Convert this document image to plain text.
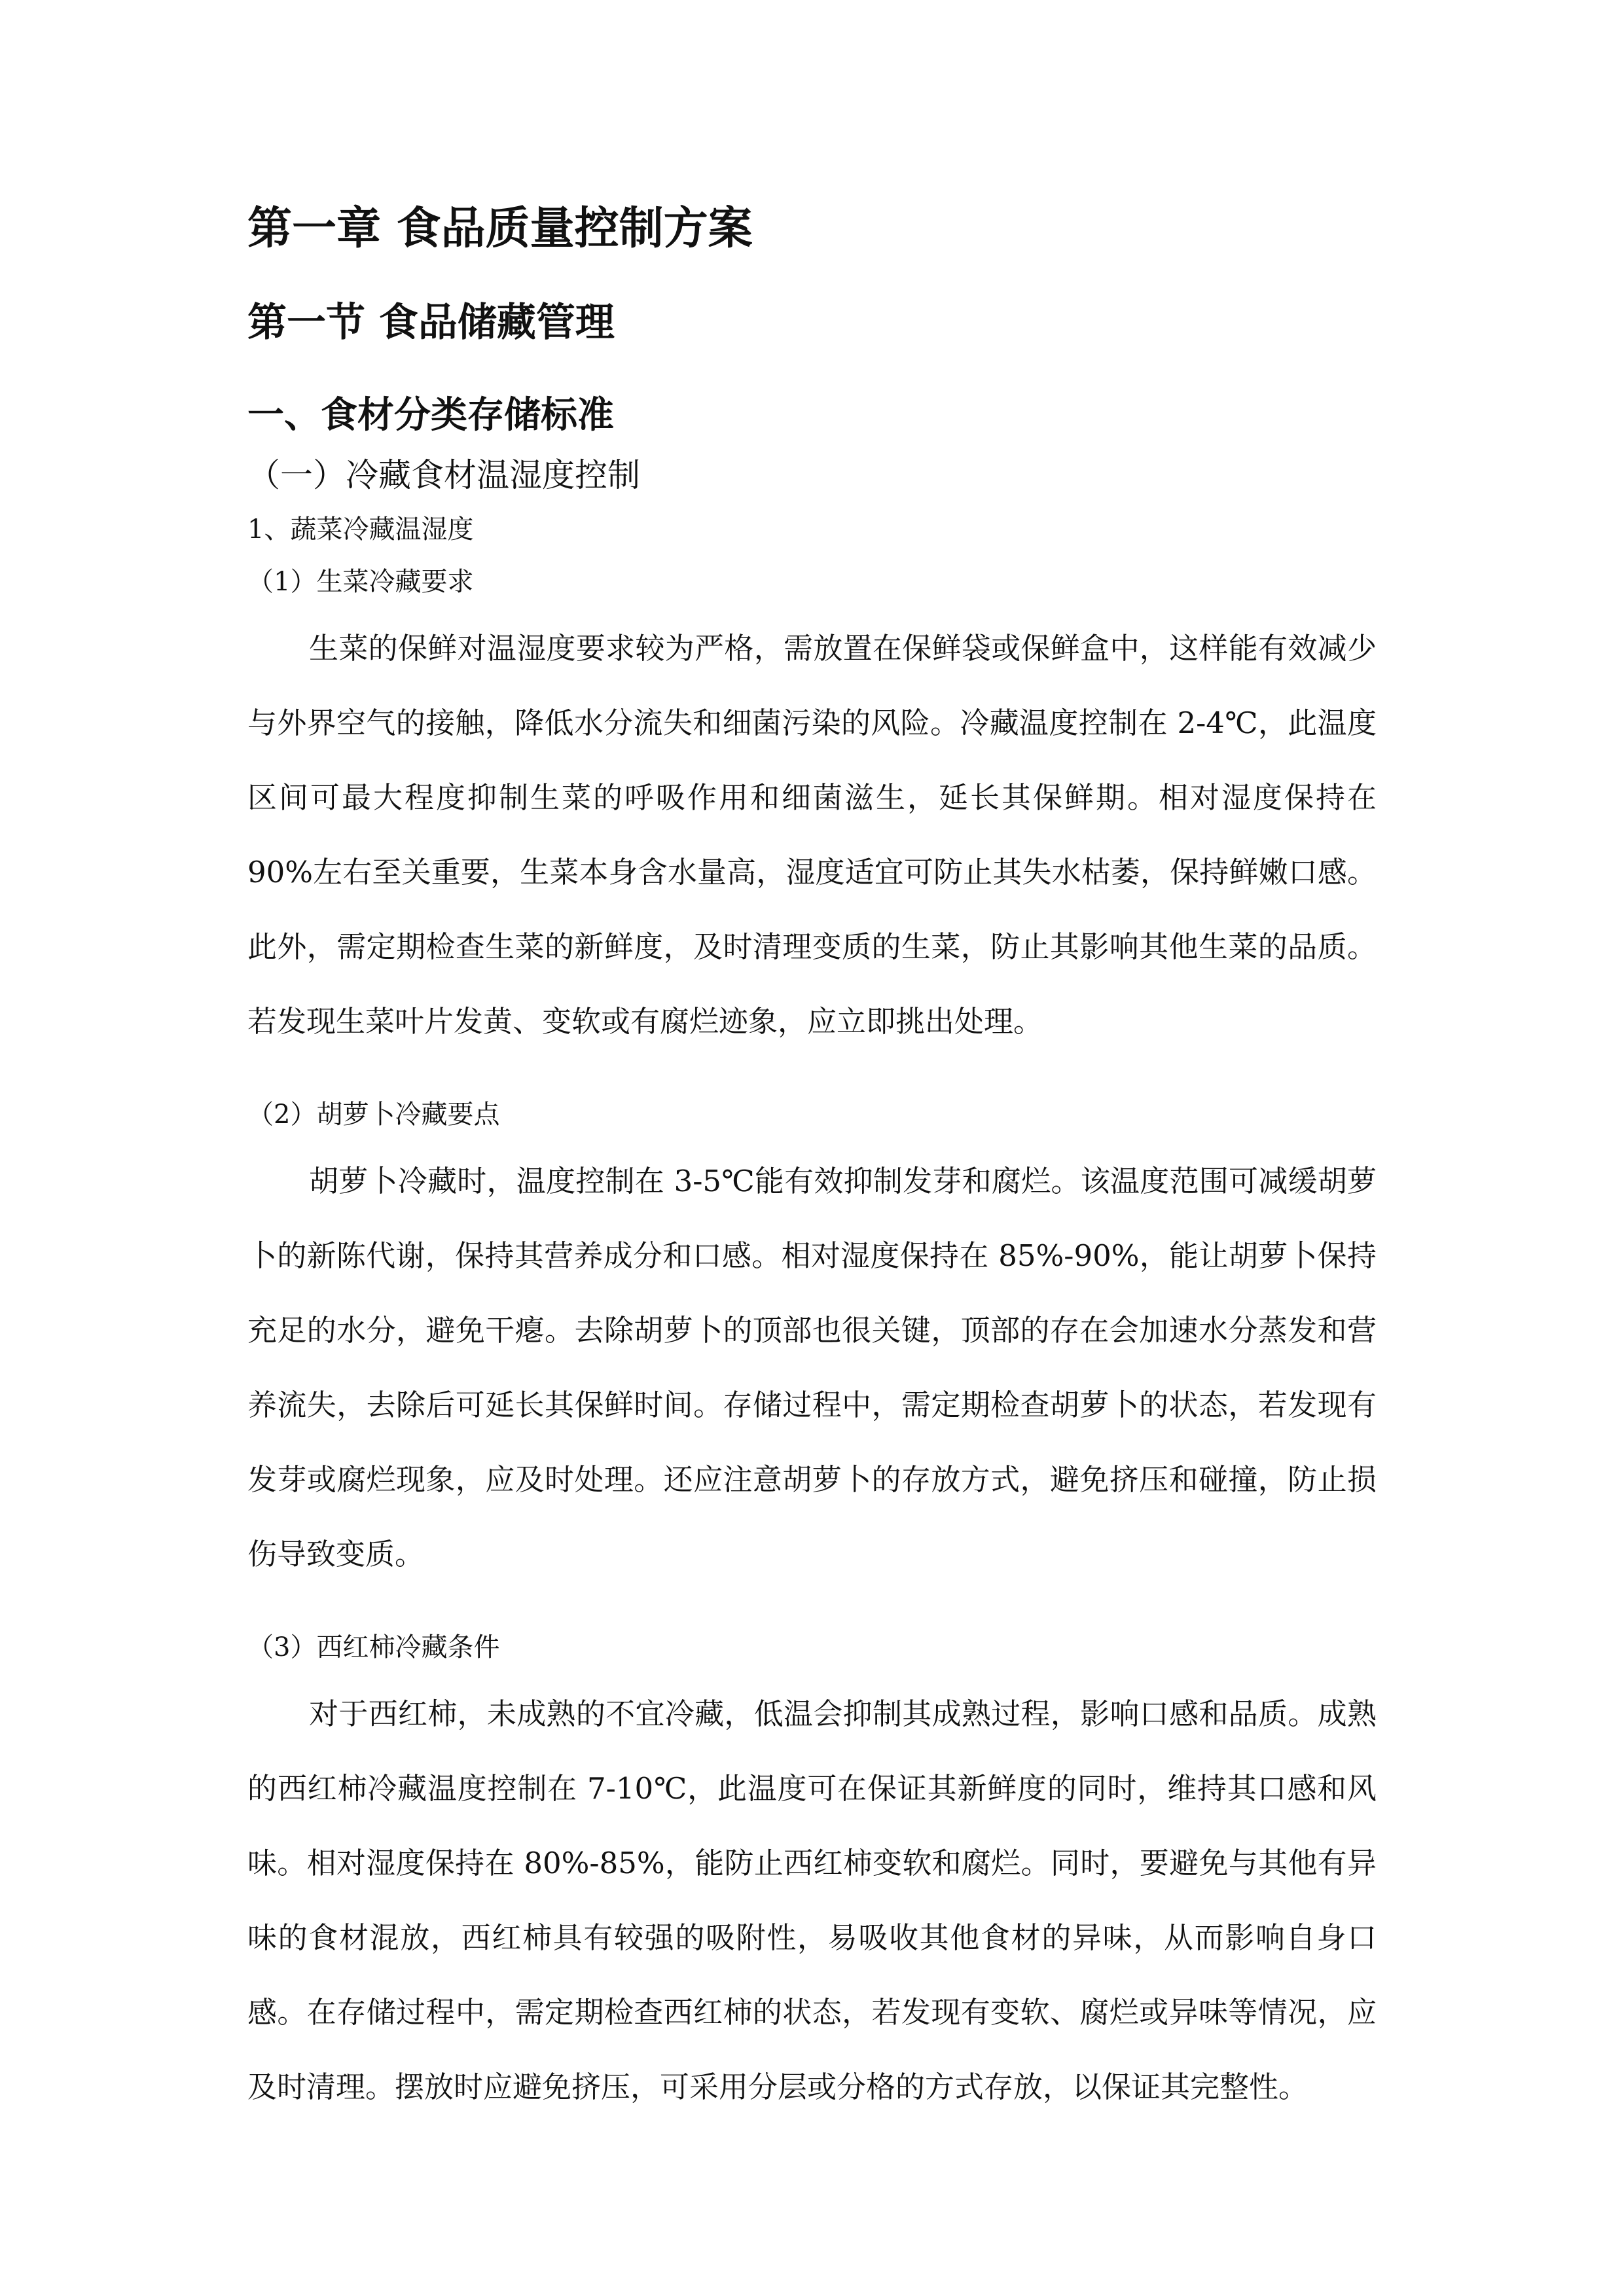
第一章 食品质量控制方案
第一节 食品储藏管理
一、食材分类存储标准
（一）冷藏食材温湿度控制
1、蔬菜冷藏温湿度
（1）生菜冷藏要求

生菜的保鲜对温湿度要求较为严格，需放置在保鲜袋或保鲜盒中，这样能有效减少与外界空气的接触，降低水分流失和细菌污染的风险。冷藏温度控制在 2-4℃，此温度区间可最大程度抑制生菜的呼吸作用和细菌滋生，延长其保鲜期。相对湿度保持在 90%左右至关重要，生菜本身含水量高，湿度适宜可防止其失水枯萎，保持鲜嫩口感。此外，需定期检查生菜的新鲜度，及时清理变质的生菜，防止其影响其他生菜的品质。若发现生菜叶片发黄、变软或有腐烂迹象，应立即挑出处理。

（2）胡萝卜冷藏要点

胡萝卜冷藏时，温度控制在 3-5℃能有效抑制发芽和腐烂。该温度范围可减缓胡萝卜的新陈代谢，保持其营养成分和口感。相对湿度保持在 85%-90%，能让胡萝卜保持充足的水分，避免干瘪。去除胡萝卜的顶部也很关键，顶部的存在会加速水分蒸发和营养流失，去除后可延长其保鲜时间。存储过程中，需定期检查胡萝卜的状态，若发现有发芽或腐烂现象，应及时处理。还应注意胡萝卜的存放方式，避免挤压和碰撞，防止损伤导致变质。

（3）西红柿冷藏条件

对于西红柿，未成熟的不宜冷藏，低温会抑制其成熟过程，影响口感和品质。成熟的西红柿冷藏温度控制在 7-10℃，此温度可在保证其新鲜度的同时，维持其口感和风味。相对湿度保持在 80%-85%，能防止西红柿变软和腐烂。同时，要避免与其他有异味的食材混放，西红柿具有较强的吸附性，易吸收其他食材的异味，从而影响自身口感。在存储过程中，需定期检查西红柿的状态，若发现有变软、腐烂或异味等情况，应及时清理。摆放时应避免挤压，可采用分层或分格的方式存放，以保证其完整性。
